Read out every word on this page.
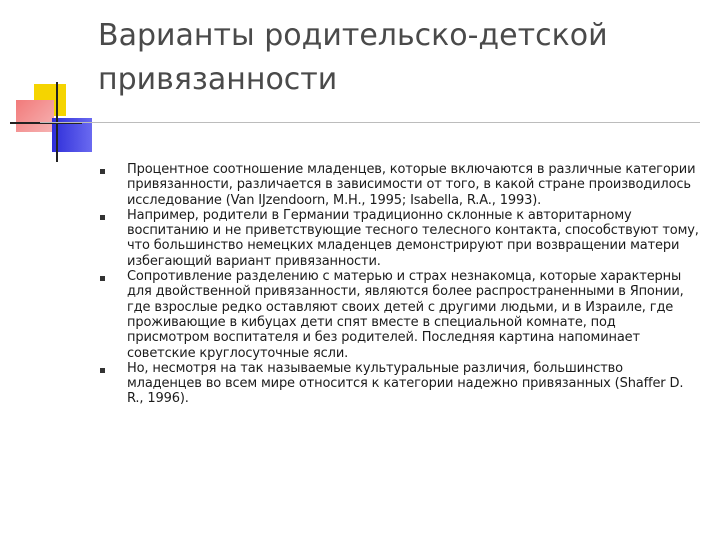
Варианты родительско-детской
привязанности
Процентное соотношение младенцев, которые включаются в различные категории привязанности, различается в зависимости от того, в какой стране производилось исследование (Van IJzendoorn, M.H., 1995; Isabella, R.A., 1993).
Например, родители в Германии традиционно склонные к авторитарному воспитанию и не приветствующие тесного телесного контакта, способствуют тому, что большинство немецких младенцев демонстрируют при возвращении матери избегающий вариант привязанности.
Сопротивление разделению с матерью и страх незнакомца, которые характерны для двойственной привязанности, являются более распространенными в Японии, где взрослые редко оставляют своих детей с другими людьми, и в Израиле, где проживающие в кибуцах дети спят вместе в специальной комнате, под присмотром воспитателя и без родителей. Последняя картина напоминает советские круглосуточные ясли.
Но, несмотря на так называемые культуральные различия, большинство младенцев во всем мире относится к категории надежно привязанных (Shaffer D. R., 1996).
